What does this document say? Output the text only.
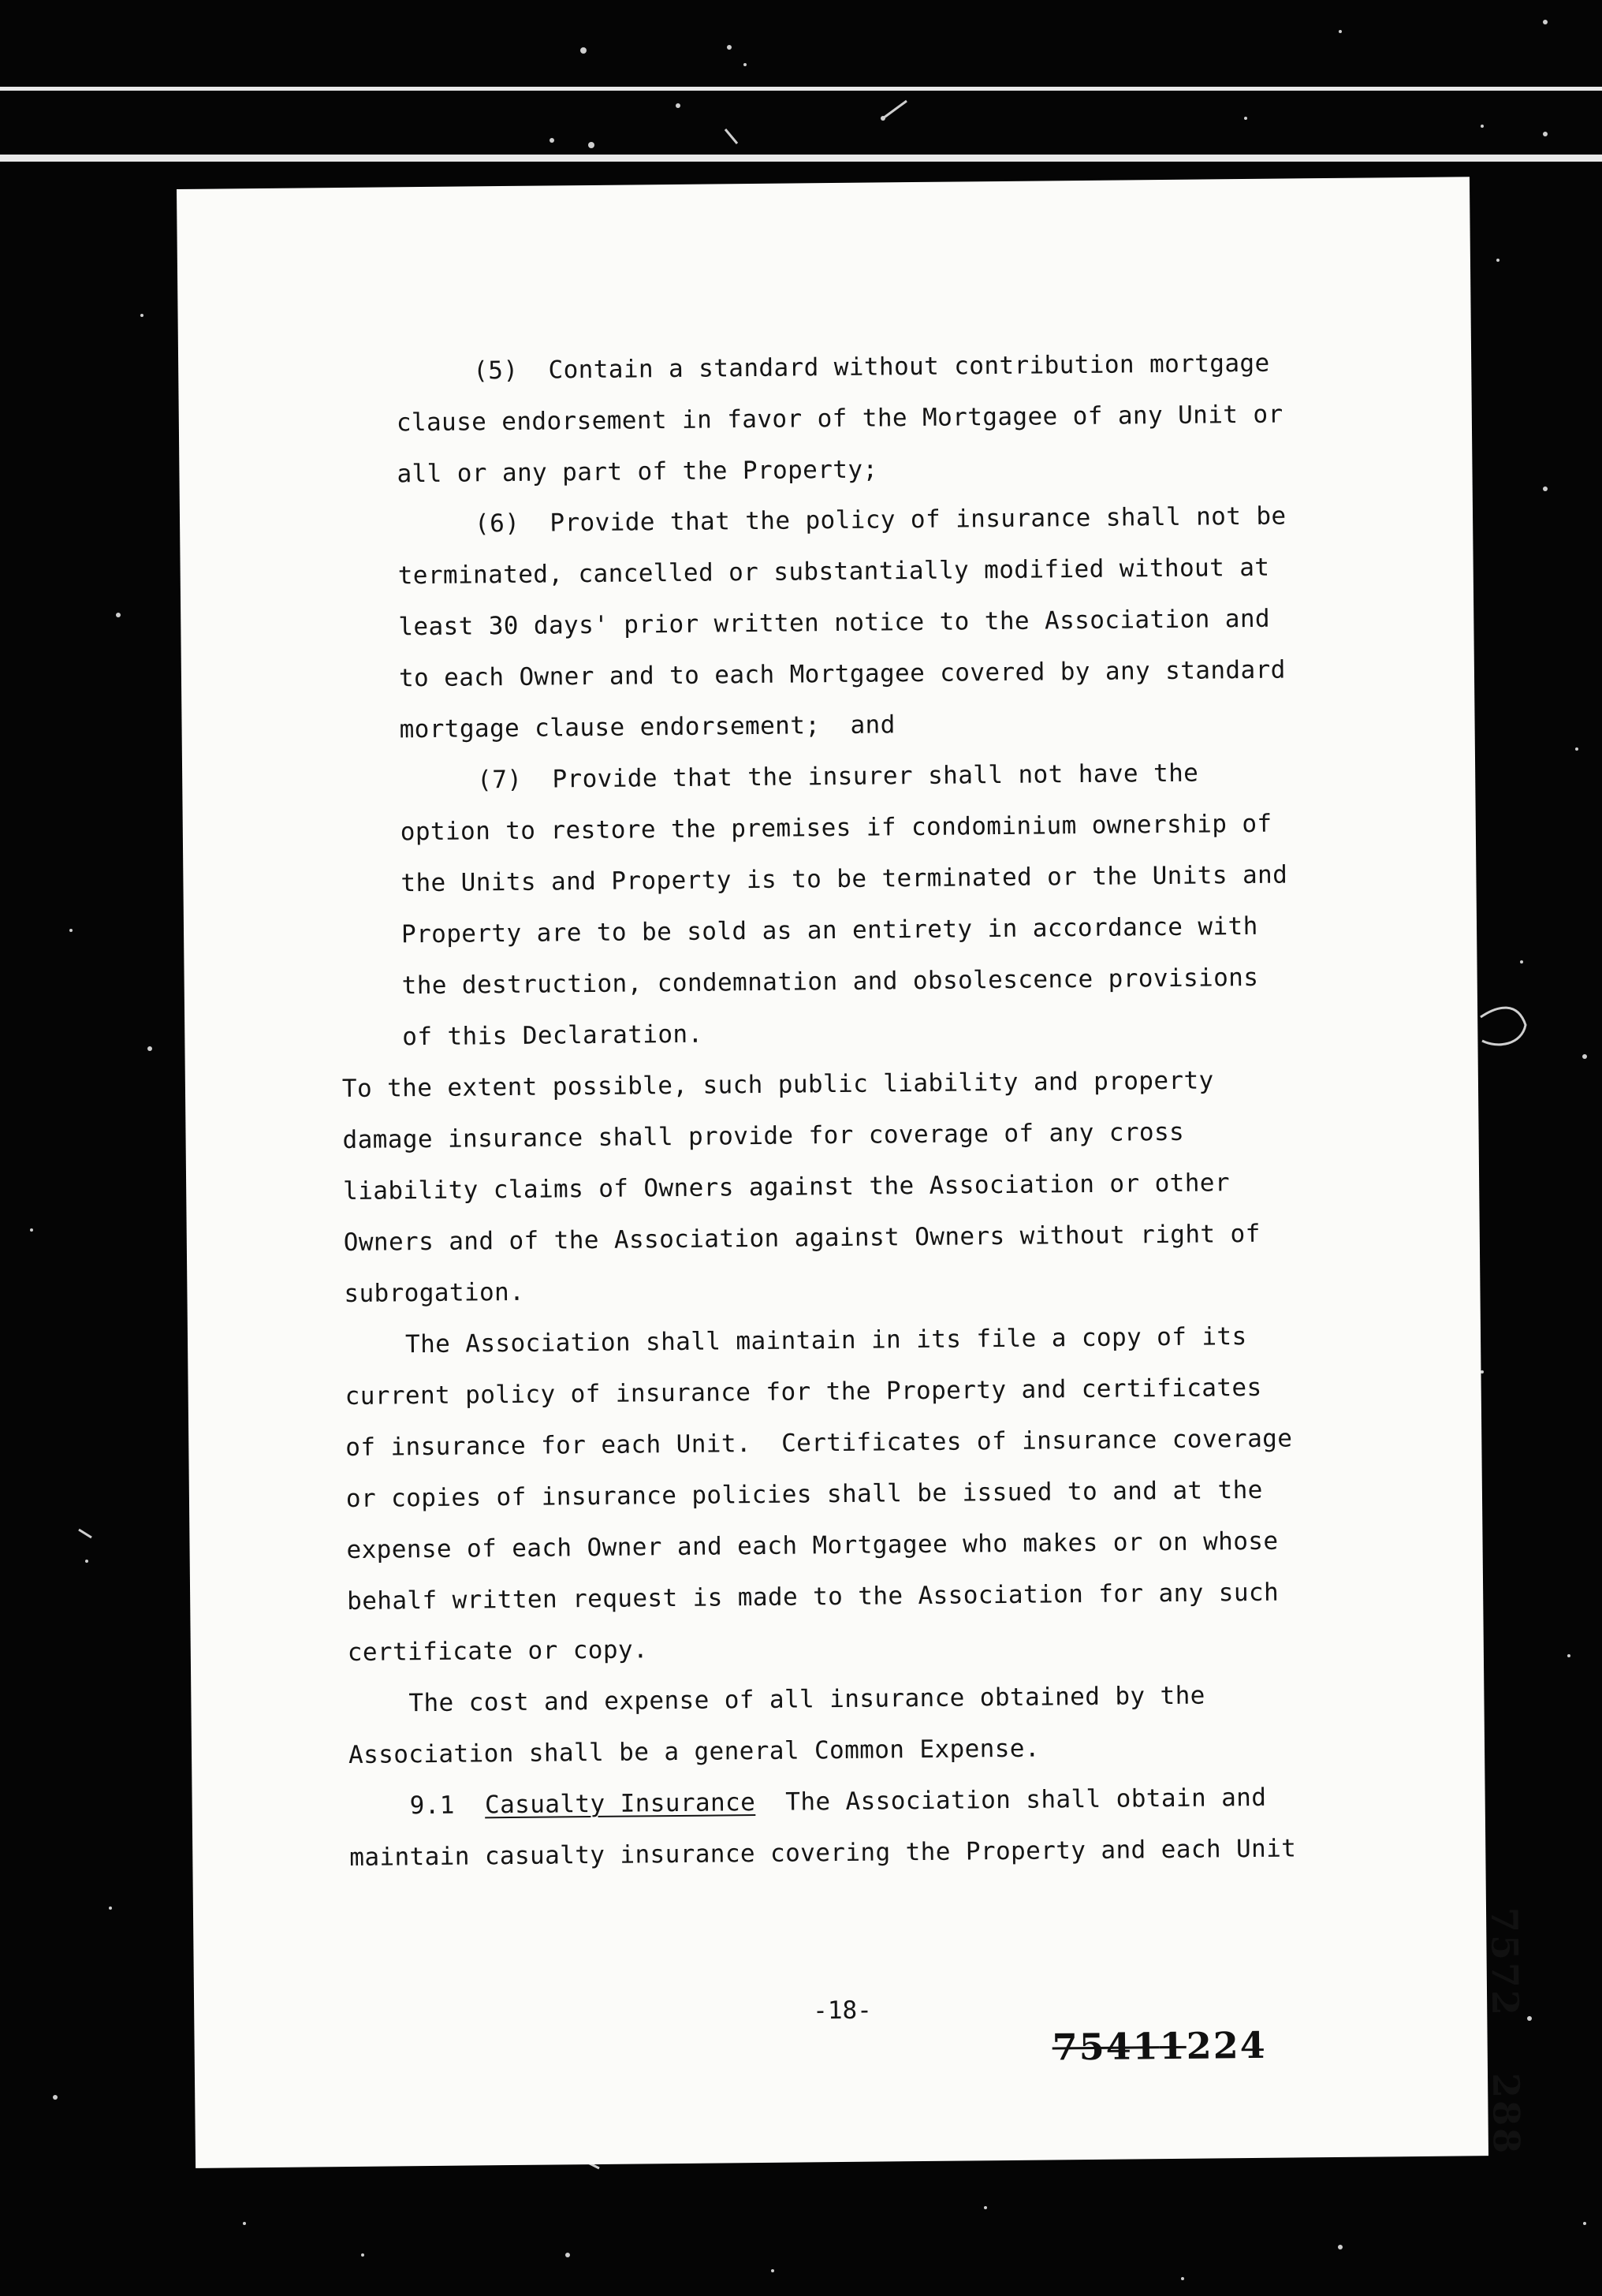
(5)  Contain a standard without contribution mortgage
clause endorsement in favor of the Mortgagee of any Unit or
all or any part of the Property;
(6)  Provide that the policy of insurance shall not be
terminated, cancelled or substantially modified without at
least 30 days' prior written notice to the Association and
to each Owner and to each Mortgagee covered by any standard
mortgage clause endorsement;  and
(7)  Provide that the insurer shall not have the
option to restore the premises if condominium ownership of
the Units and Property is to be terminated or the Units and
Property are to be sold as an entirety in accordance with
the destruction, condemnation and obsolescence provisions
of this Declaration.
To the extent possible, such public liability and property
damage insurance shall provide for coverage of any cross
liability claims of Owners against the Association or other
Owners and of the Association against Owners without right of
subrogation.
The Association shall maintain in its file a copy of its
current policy of insurance for the Property and certificates
of insurance for each Unit.  Certificates of insurance coverage
or copies of insurance policies shall be issued to and at the
expense of each Owner and each Mortgagee who makes or on whose
behalf written request is made to the Association for any such
certificate or copy.
The cost and expense of all insurance obtained by the
Association shall be a general Common Expense.
9.1 Casualty Insurance The Association shall obtain and
maintain casualty insurance covering the Property and each Unit
-18-
75411224
7572288
